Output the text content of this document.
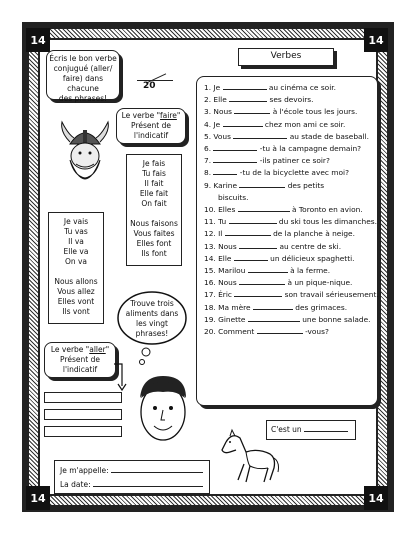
14	14
14	14
Écris le bon verbe
conjugué (aller/
faire) dans chacune
des phrases!
20
Verbes
Le verbe "faire"
Présent de
l'indicatif
Je fais
Tu fais
Il fait
Elle fait
On fait
Nous faisons
Vous faites
Elles font
Ils font
Je vais
Tu vas
Il va
Elle va
On va
Nous allons
Vous allez
Elles vont
Ils vont
Trouve trois
aliments dans
les vingt
phrases!
Le verbe "aller"
Présent de
l'indicatif
1. Je	au cinéma ce soir.
2. Elle	ses devoirs.
3. Nous	à l'école tous les jours.
4. Je	chez mon ami ce soir.
5. Vous	au stade de baseball.
6.	-tu à la campagne demain?
7.	-ils patiner ce soir?
8.	-tu de la bicyclette avec moi?
9. Karine	des petits
biscuits.
10. Elles	à Toronto en avion.
11. Tu	du ski tous les dimanches.
12. Il	de la planche à neige.
13. Nous	au centre de ski.
14. Elle	un délicieux spaghetti.
15. Marilou	à la ferme.
16. Nous	à un pique-nique.
17. Éric	son travail sérieusement.
18. Ma mère	des grimaces.
19. Ginette	une bonne salade.
20. Comment	-vous?
C'est un
Je m'appelle:
La date:
